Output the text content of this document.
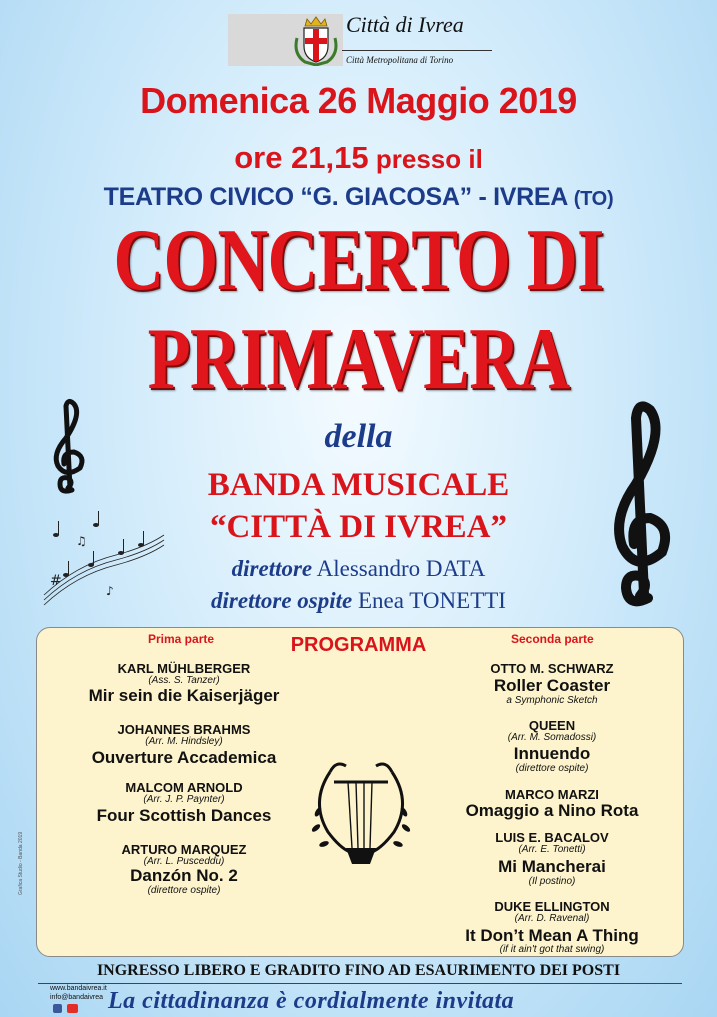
Città di Ivrea
Città Metropolitana di Torino
Domenica 26 Maggio 2019
ore 21,15 presso il
TEATRO CIVICO “G. GIACOSA” - IVREA (TO)
CONCERTO DI
PRIMAVERA
#
♪
♫
della
BANDA MUSICALE
“CITTÀ DI IVREA”
direttore Alessandro DATA
direttore ospite Enea TONETTI
Prima parte	Seconda parte
PROGRAMMA
KARL MÜHLBERGER
(Ass. S. Tanzer)
Mir sein die Kaiserjäger
JOHANNES BRAHMS
(Arr. M. Hindsley)
Ouverture Accademica
MALCOM ARNOLD
(Arr. J. P. Paynter)
Four Scottish Dances
ARTURO MARQUEZ
(Arr. L. Pusceddu)
Danzón No. 2
(direttore ospite)
OTTO M. SCHWARZ
Roller Coaster
a Symphonic Sketch
QUEEN
(Arr. M. Somadossi)
Innuendo
(direttore ospite)
MARCO MARZI
Omaggio a Nino Rota
LUIS E. BACALOV
(Arr. E. Tonetti)
Mi Mancherai
(Il postino)
DUKE ELLINGTON
(Arr. D. Ravenal)
It Don’t Mean A Thing
(if it ain't got that swing)
Grafica Studio - Banda 2019
INGRESSO LIBERO E GRADITO FINO AD ESAURIMENTO DEI POSTI
www.bandaivrea.it
info@bandaivrea La cittadinanza è cordialmente invitata
